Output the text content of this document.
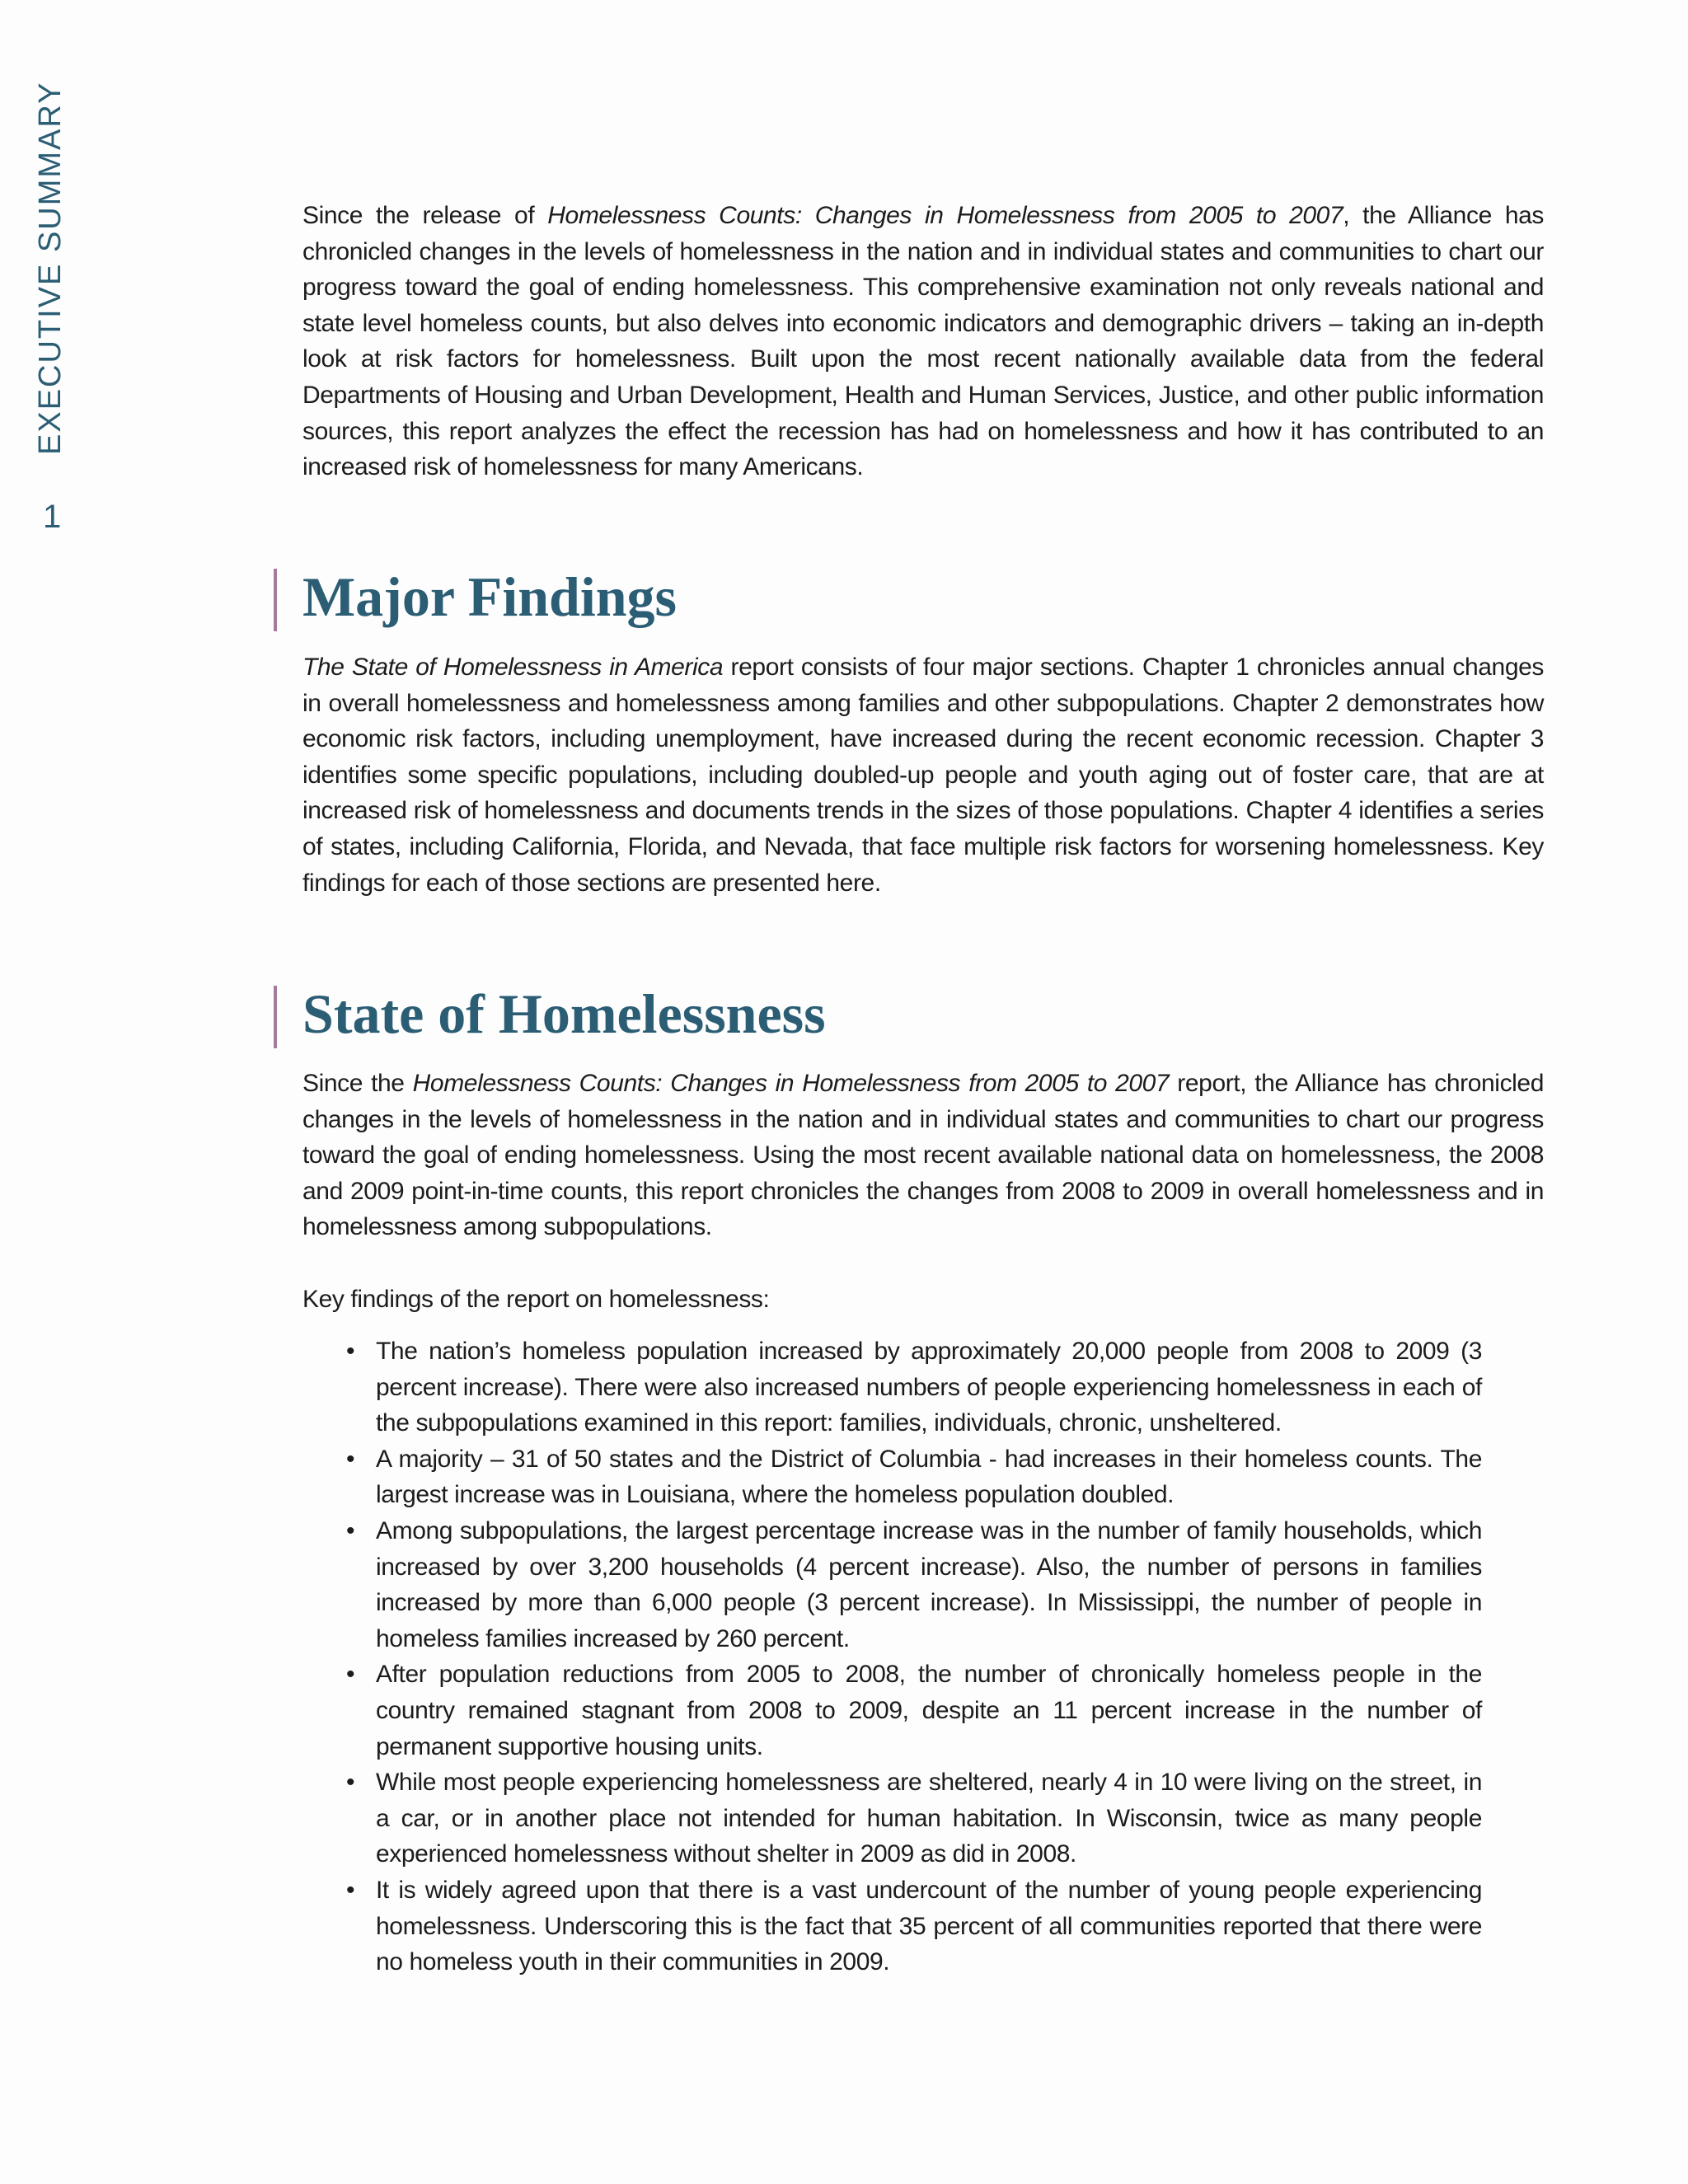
EXECUTIVE SUMMARY
1

Since the release of Homelessness Counts: Changes in Homelessness from 2005 to 2007, the Alliance has chronicled changes in the levels of homelessness in the nation and in individual states and communities to chart our progress toward the goal of ending homelessness. This comprehensive examination not only reveals national and state level homeless counts, but also delves into economic indicators and demographic drivers – taking an in-depth look at risk factors for homelessness. Built upon the most recent nationally available data from the federal Departments of Housing and Urban Development, Health and Human Services, Justice, and other public information sources, this report analyzes the effect the recession has had on homelessness and how it has contributed to an increased risk of homelessness for many Americans.

Major Findings

The State of Homelessness in America report consists of four major sections. Chapter 1 chronicles annual changes in overall homelessness and homelessness among families and other subpopulations. Chapter 2 demonstrates how economic risk factors, including unemployment, have increased during the recent economic recession. Chapter 3 identifies some specific populations, including doubled-up people and youth aging out of foster care, that are at increased risk of homelessness and documents trends in the sizes of those populations. Chapter 4 identifies a series of states, including California, Florida, and Nevada, that face multiple risk factors for worsening homelessness. Key findings for each of those sections are presented here.

State of Homelessness

Since the Homelessness Counts: Changes in Homelessness from 2005 to 2007 report, the Alliance has chronicled changes in the levels of homelessness in the nation and in individual states and communities to chart our progress toward the goal of ending homelessness. Using the most recent available national data on homelessness, the 2008 and 2009 point-in-time counts, this report chronicles the changes from 2008 to 2009 in overall homelessness and in homelessness among subpopulations.

Key findings of the report on homelessness:

• The nation’s homeless population increased by approximately 20,000 people from 2008 to 2009 (3 percent increase). There were also increased numbers of people experiencing homelessness in each of the subpopulations examined in this report: families, individuals, chronic, unsheltered.
• A majority – 31 of 50 states and the District of Columbia - had increases in their homeless counts. The largest increase was in Louisiana, where the homeless population doubled.
• Among subpopulations, the largest percentage increase was in the number of family households, which increased by over 3,200 households (4 percent increase). Also, the number of persons in families increased by more than 6,000 people (3 percent increase). In Mississippi, the number of people in homeless families increased by 260 percent.
• After population reductions from 2005 to 2008, the number of chronically homeless people in the country remained stagnant from 2008 to 2009, despite an 11 percent increase in the number of permanent supportive housing units.
• While most people experiencing homelessness are sheltered, nearly 4 in 10 were living on the street, in a car, or in another place not intended for human habitation. In Wisconsin, twice as many people experienced homelessness without shelter in 2009 as did in 2008.
• It is widely agreed upon that there is a vast undercount of the number of young people experiencing homelessness. Underscoring this is the fact that 35 percent of all communities reported that there were no homeless youth in their communities in 2009.
